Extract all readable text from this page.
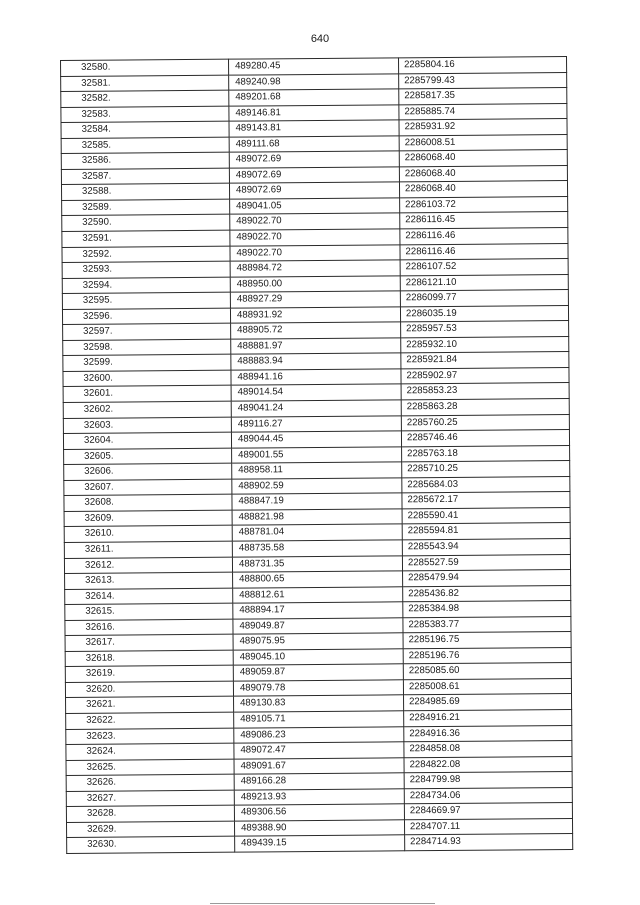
640
32580.	489280.45	2285804.16
32581.	489240.98	2285799.43
32582.	489201.68	2285817.35
32583.	489146.81	2285885.74
32584.	489143.81	2285931.92
32585.	489111.68	2286008.51
32586.	489072.69	2286068.40
32587.	489072.69	2286068.40
32588.	489072.69	2286068.40
32589.	489041.05	2286103.72
32590.	489022.70	2286116.45
32591.	489022.70	2286116.46
32592.	489022.70	2286116.46
32593.	488984.72	2286107.52
32594.	488950.00	2286121.10
32595.	488927.29	2286099.77
32596.	488931.92	2286035.19
32597.	488905.72	2285957.53
32598.	488881.97	2285932.10
32599.	488883.94	2285921.84
32600.	488941.16	2285902.97
32601.	489014.54	2285853.23
32602.	489041.24	2285863.28
32603.	489116.27	2285760.25
32604.	489044.45	2285746.46
32605.	489001.55	2285763.18
32606.	488958.11	2285710.25
32607.	488902.59	2285684.03
32608.	488847.19	2285672.17
32609.	488821.98	2285590.41
32610.	488781.04	2285594.81
32611.	488735.58	2285543.94
32612.	488731.35	2285527.59
32613.	488800.65	2285479.94
32614.	488812.61	2285436.82
32615.	488894.17	2285384.98
32616.	489049.87	2285383.77
32617.	489075.95	2285196.75
32618.	489045.10	2285196.76
32619.	489059.87	2285085.60
32620.	489079.78	2285008.61
32621.	489130.83	2284985.69
32622.	489105.71	2284916.21
32623.	489086.23	2284916.36
32624.	489072.47	2284858.08
32625.	489091.67	2284822.08
32626.	489166.28	2284799.98
32627.	489213.93	2284734.06
32628.	489306.56	2284669.97
32629.	489388.90	2284707.11
32630.	489439.15	2284714.93
